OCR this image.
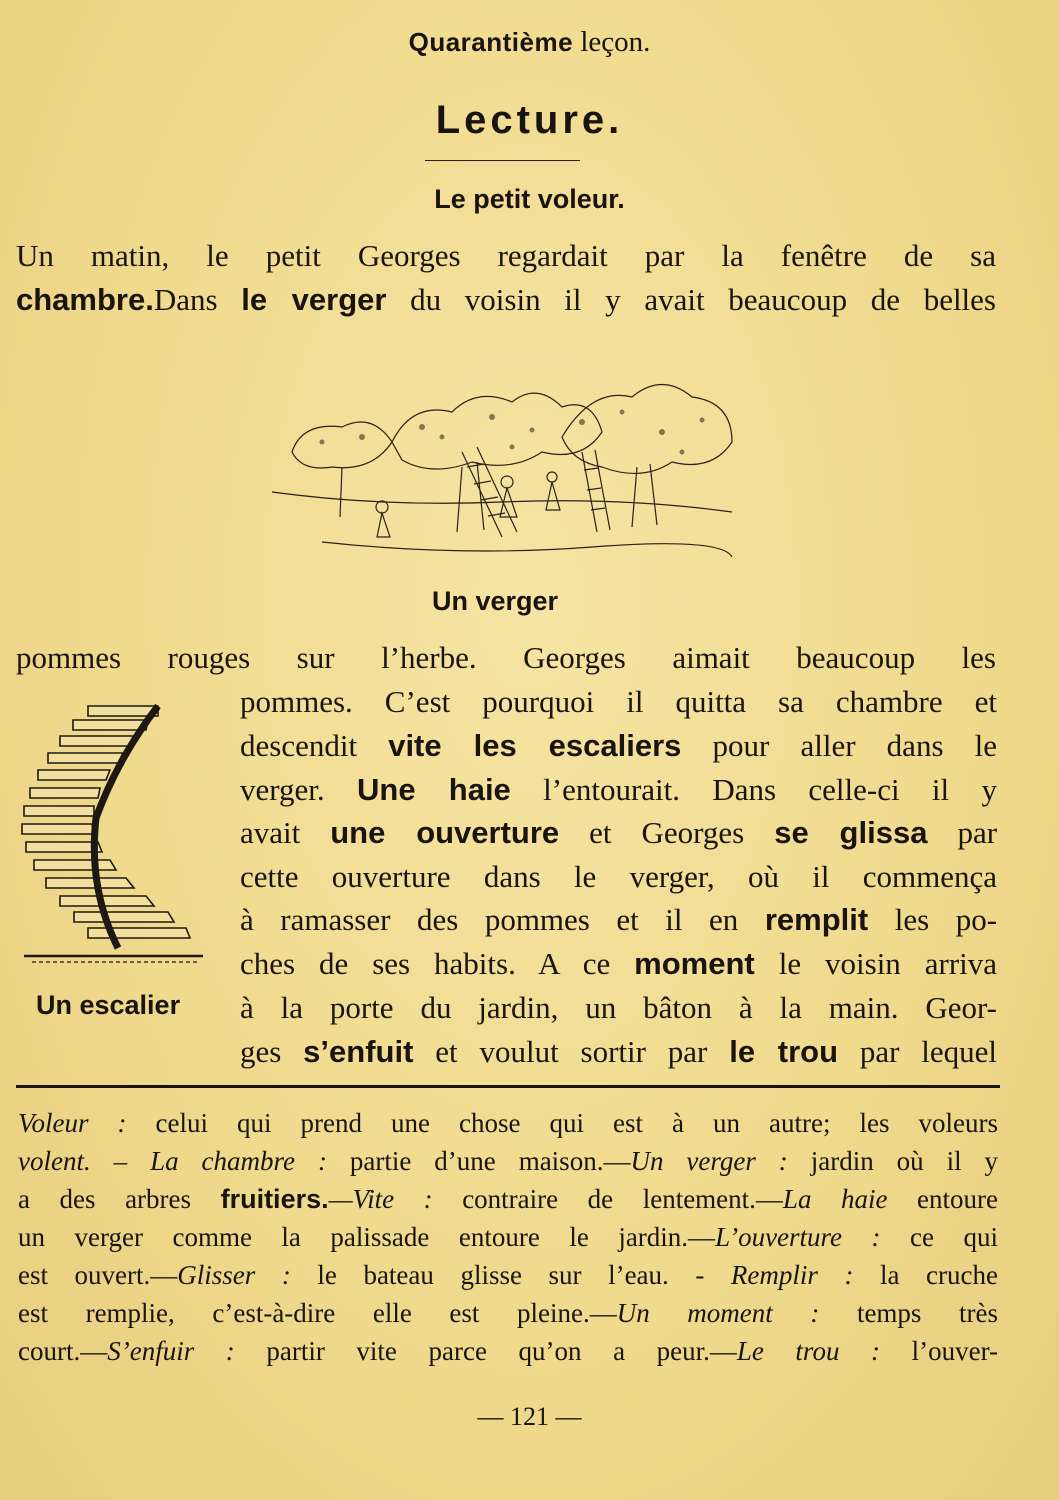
Quarantième leçon.
Lecture.
Le petit voleur.
Un matin, le petit Georges regardait par la fenêtre de sa
chambre.Dans le verger du voisin il y avait beaucoup de belles
Un verger
pommes rouges sur l’herbe. Georges aimait beaucoup les
pommes. C’est pourquoi il quitta sa chambre et
descendit vite les escaliers pour aller dans le
verger. Une haie l’entourait. Dans celle-ci il y
avait une ouverture et Georges se glissa par
cette ouverture dans le verger, où il commença
à ramasser des pommes et il en remplit les po-
ches de ses habits. A ce moment le voisin arriva
à la porte du jardin, un bâton à la main. Geor-
ges s’enfuit et voulut sortir par le trou par lequel
Un escalier
Voleur : celui qui prend une chose qui est à un autre; les voleurs
volent. – La chambre : partie d’une maison.—Un verger : jardin où il y
a des arbres fruitiers.—Vite : contraire de lentement.—La haie entoure
un verger comme la palissade entoure le jardin.—L’ouverture : ce qui
est ouvert.—Glisser : le bateau glisse sur l’eau. - Remplir : la cruche
est remplie, c’est-à-dire elle est pleine.—Un moment : temps très
court.—S’enfuir : partir vite parce qu’on a peur.—Le trou : l’ouver-
— 121 —
